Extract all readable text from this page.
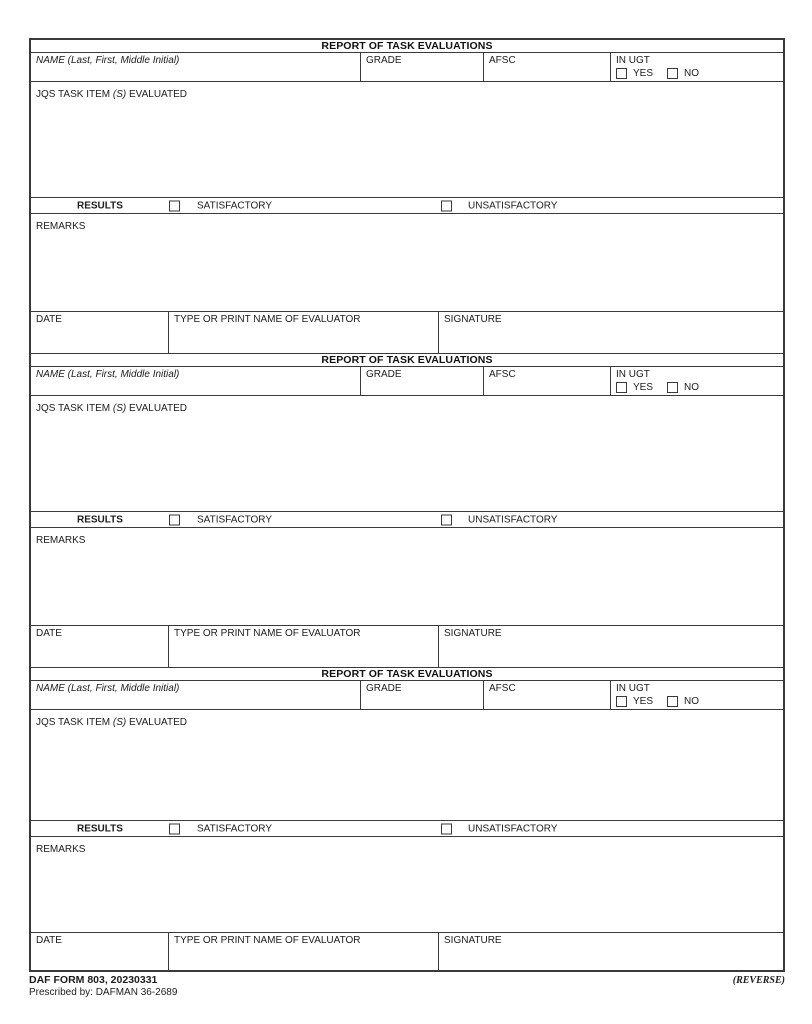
REPORT OF TASK EVALUATIONS
NAME (Last, First, Middle Initial)	GRADE	AFSC	IN UGT
YES	NO
JQS TASK ITEM (S) EVALUATED
RESULTS	SATISFACTORY	UNSATISFACTORY
REMARKS
DATE	TYPE OR PRINT NAME OF EVALUATOR	SIGNATURE
REPORT OF TASK EVALUATIONS
NAME (Last, First, Middle Initial)	GRADE	AFSC	IN UGT
YES	NO
JQS TASK ITEM (S) EVALUATED
RESULTS	SATISFACTORY	UNSATISFACTORY
REMARKS
DATE	TYPE OR PRINT NAME OF EVALUATOR	SIGNATURE
REPORT OF TASK EVALUATIONS
NAME (Last, First, Middle Initial)	GRADE	AFSC	IN UGT
YES	NO
JQS TASK ITEM (S) EVALUATED
RESULTS	SATISFACTORY	UNSATISFACTORY
REMARKS
DATE	TYPE OR PRINT NAME OF EVALUATOR	SIGNATURE
DAF FORM 803, 20230331
Prescribed by: DAFMAN 36-2689
(REVERSE)
